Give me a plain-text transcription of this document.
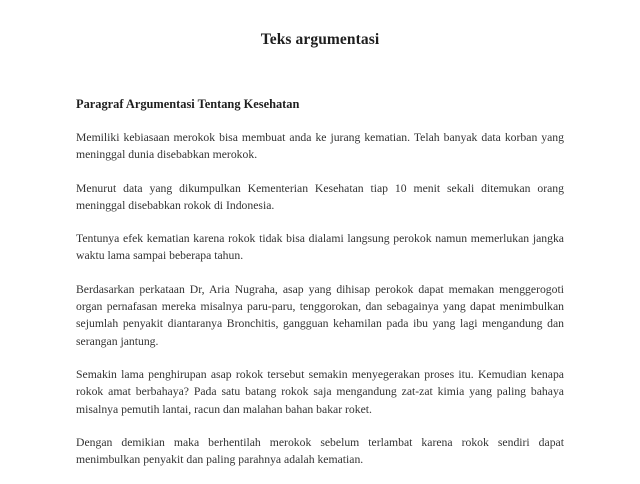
Teks argumentasi
Paragraf Argumentasi Tentang Kesehatan

Memiliki kebiasaan merokok bisa membuat anda ke jurang kematian. Telah banyak data korban yang meninggal dunia disebabkan merokok.

Menurut data yang dikumpulkan Kementerian Kesehatan tiap 10 menit sekali ditemukan orang meninggal disebabkan rokok di Indonesia.

Tentunya efek kematian karena rokok tidak bisa dialami langsung perokok namun memerlukan jangka waktu lama sampai beberapa tahun.

Berdasarkan perkataan Dr, Aria Nugraha, asap yang dihisap perokok dapat memakan menggerogoti organ pernafasan mereka misalnya paru-paru, tenggorokan, dan sebagainya yang dapat menimbulkan sejumlah penyakit diantaranya Bronchitis, gangguan kehamilan pada ibu yang lagi mengandung dan serangan jantung.

Semakin lama penghirupan asap rokok tersebut semakin menyegerakan proses itu. Kemudian kenapa rokok amat berbahaya? Pada satu batang rokok saja mengandung zat-zat kimia yang paling bahaya misalnya pemutih lantai, racun dan malahan bahan bakar roket.

Dengan demikian maka berhentilah merokok sebelum terlambat karena rokok sendiri dapat menimbulkan penyakit dan paling parahnya adalah kematian.
